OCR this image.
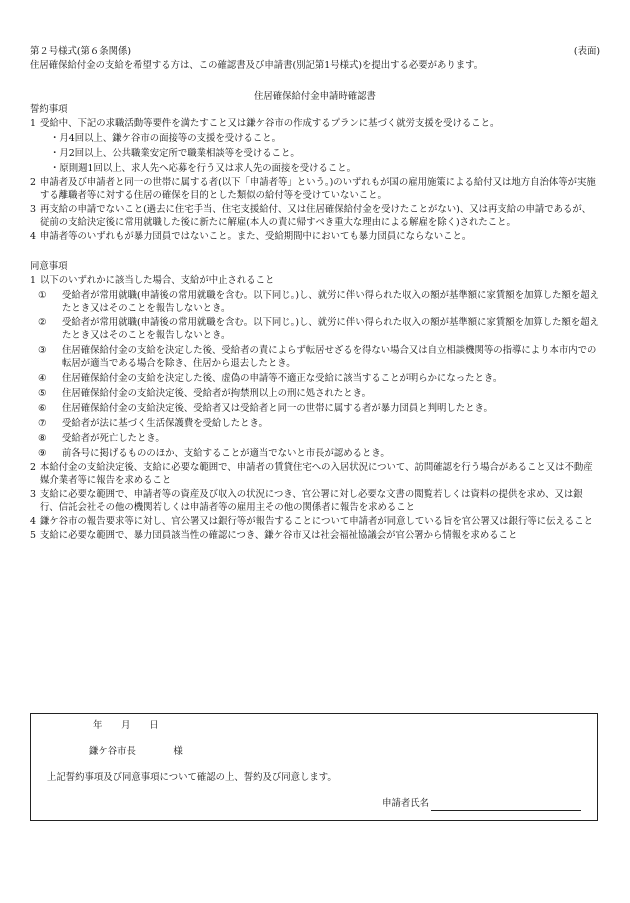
第２号様式(第６条関係)	(表面)
住居確保給付金の支給を希望する方は、この確認書及び申請書(別記第1号様式)を提出する必要があります。
住居確保給付金申請時確認書
誓約事項
1 受給中、下記の求職活動等要件を満たすこと又は鎌ケ谷市の作成するプランに基づく就労支援を受けること。
・月4回以上、鎌ケ谷市の面接等の支援を受けること。
・月2回以上、公共職業安定所で職業相談等を受けること。
・原則週1回以上、求人先へ応募を行う又は求人先の面接を受けること。
2 申請者及び申請者と同一の世帯に属する者(以下「申請者等」という。)のいずれもが国の雇用施策による給付又は地方自治体等が実施する離職者等に対する住居の確保を目的とした類似の給付等を受けていないこと。
3 再支給の申請でないこと(過去に住宅手当、住宅支援給付、又は住居確保給付金を受けたことがない)、又は再支給の申請であるが、従前の支給決定後に常用就職した後に新たに解雇(本人の責に帰すべき重大な理由による解雇を除く)されたこと。
4 申請者等のいずれもが暴力団員ではないこと。また、受給期間中においても暴力団員にならないこと。
同意事項
1 以下のいずれかに該当した場合、支給が中止されること
①	受給者が常用就職(申請後の常用就職を含む。以下同じ。)し、就労に伴い得られた収入の額が基準額に家賃額を加算した額を超えたとき又はそのことを報告しないとき。
②	受給者が常用就職(申請後の常用就職を含む。以下同じ。)し、就労に伴い得られた収入の額が基準額に家賃額を加算した額を超えたとき又はそのことを報告しないとき。
③	住居確保給付金の支給を決定した後、受給者の責によらず転居せざるを得ない場合又は自立相談機関等の指導により本市内での転居が適当である場合を除き、住居から退去したとき。
④	住居確保給付金の支給を決定した後、虚偽の申請等不適正な受給に該当することが明らかになったとき。
⑤	住居確保給付金の支給決定後、受給者が拘禁刑以上の刑に処されたとき。
⑥	住居確保給付金の支給決定後、受給者又は受給者と同一の世帯に属する者が暴力団員と判明したとき。
⑦	受給者が法に基づく生活保護費を受給したとき。
⑧	受給者が死亡したとき。
⑨	前各号に掲げるもののほか、支給することが適当でないと市長が認めるとき。
2 本給付金の支給決定後、支給に必要な範囲で、申請者の賃貸住宅への入居状況について、訪問確認を行う場合があること又は不動産媒介業者等に報告を求めること
3 支給に必要な範囲で、申請者等の資産及び収入の状況につき、官公署に対し必要な文書の閲覧若しくは資料の提供を求め、又は銀行、信託会社その他の機関若しくは申請者等の雇用主その他の関係者に報告を求めること
4 鎌ケ谷市の報告要求等に対し、官公署又は銀行等が報告することについて申請者が同意している旨を官公署又は銀行等に伝えること
5 支給に必要な範囲で、暴力団員該当性の確認につき、鎌ケ谷市又は社会福祉協議会が官公署から情報を求めること
年　　月　　日
鎌ケ谷市長　　　　様
上記誓約事項及び同意事項について確認の上、誓約及び同意します。
申請者氏名
